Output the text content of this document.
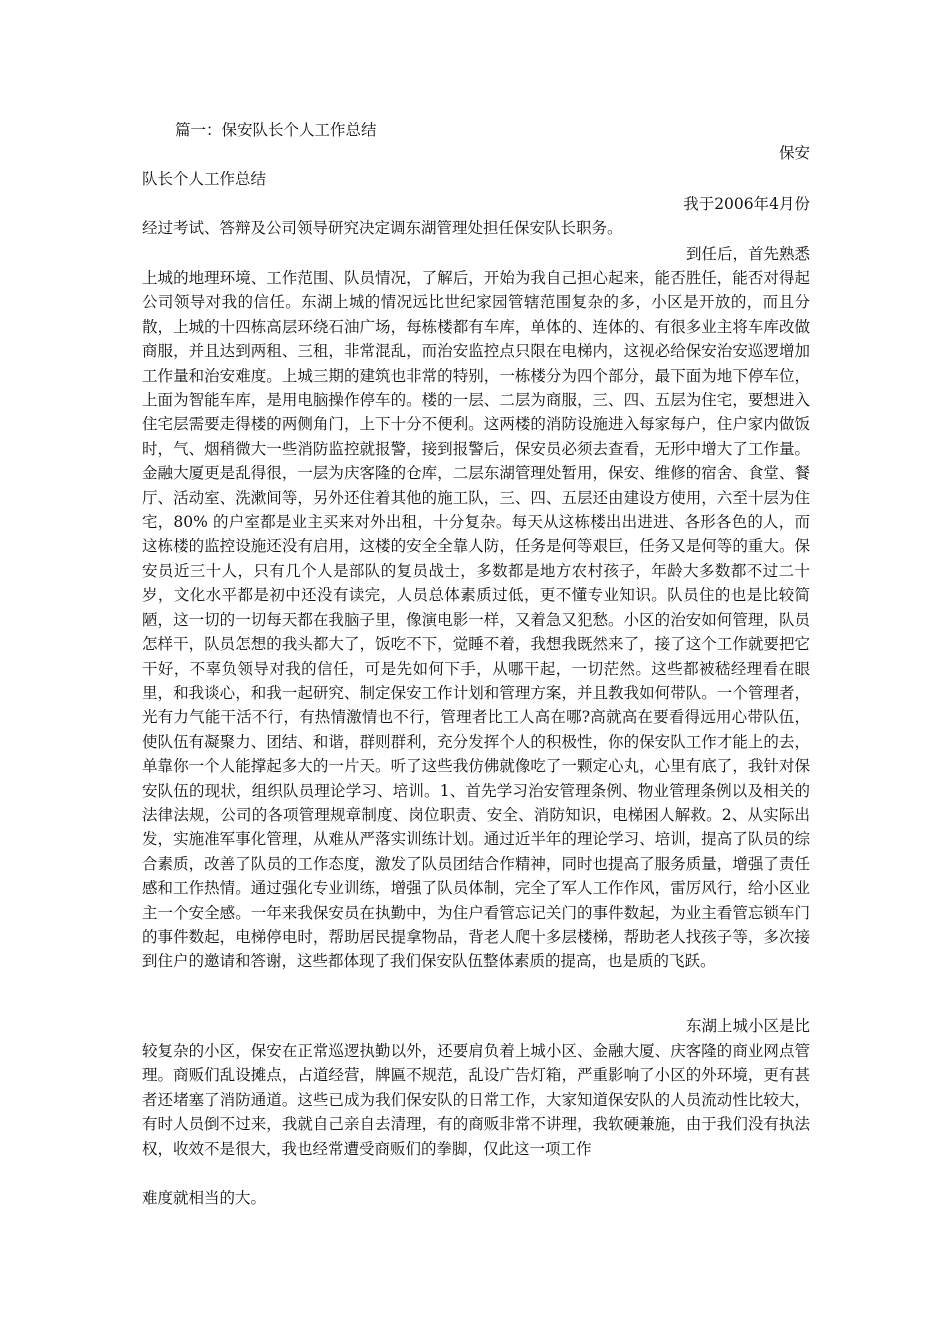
篇一：保安队长个人工作总结
保安
队长个人工作总结
我于2006年4月份
经过考试、答辩及公司领导研究决定调东湖管理处担任保安队长职务。
到任后，首先熟悉
上城的地理环境、工作范围、队员情况，了解后，开始为我自己担心起来，能否胜任，能否对得起公司领导对我的信任。东湖上城的情况远比世纪家园管辖范围复杂的多，小区是开放的，而且分散，上城的十四栋高层环绕石油广场，每栋楼都有车库，单体的、连体的、有很多业主将车库改做商服，并且达到两租、三租，非常混乱，而治安监控点只限在电梯内，这视必给保安治安巡逻增加工作量和治安难度。上城三期的建筑也非常的特别，一栋楼分为四个部分，最下面为地下停车位，上面为智能车库，是用电脑操作停车的。楼的一层、二层为商服，三、四、五层为住宅，要想进入住宅层需要走得楼的两侧角门，上下十分不便利。这两楼的消防设施进入每家每户，住户家内做饭时，气、烟稍微大一些消防监控就报警，接到报警后，保安员必须去查看，无形中增大了工作量。金融大厦更是乱得很，一层为庆客隆的仓库，二层东湖管理处暂用，保安、维修的宿舍、食堂、餐厅、活动室、洗漱间等，另外还住着其他的施工队，三、四、五层还由建设方使用，六至十层为住宅，80% 的户室都是业主买来对外出租，十分复杂。每天从这栋楼出出进进、各形各色的人，而这栋楼的监控设施还没有启用，这楼的安全全靠人防，任务是何等艰巨，任务又是何等的重大。保安员近三十人，只有几个人是部队的复员战士，多数都是地方农村孩子，年龄大多数都不过二十岁，文化水平都是初中还没有读完，人员总体素质过低，更不懂专业知识。队员住的也是比较简陋，这一切的一切每天都在我脑子里，像演电影一样，又着急又犯愁。小区的治安如何管理，队员怎样干，队员怎想的我头都大了，饭吃不下，觉睡不着，我想我既然来了，接了这个工作就要把它干好，不辜负领导对我的信任，可是先如何下手，从哪干起，一切茫然。这些都被嵇经理看在眼里，和我谈心，和我一起研究、制定保安工作计划和管理方案，并且教我如何带队。一个管理者，光有力气能干活不行，有热情激情也不行，管理者比工人高在哪?高就高在要看得远用心带队伍，使队伍有凝聚力、团结、和谐，群则群利，充分发挥个人的积极性，你的保安队工作才能上的去，单靠你一个人能撑起多大的一片天。听了这些我仿佛就像吃了一颗定心丸，心里有底了，我针对保安队伍的现状，组织队员理论学习、培训。1、首先学习治安管理条例、物业管理条例以及相关的法律法规，公司的各项管理规章制度、岗位职责、安全、消防知识，电梯困人解救。2、从实际出发，实施准军事化管理，从难从严落实训练计划。通过近半年的理论学习、培训，提高了队员的综合素质，改善了队员的工作态度，激发了队员团结合作精神，同时也提高了服务质量，增强了责任感和工作热情。通过强化专业训练，增强了队员体制，完全了军人工作作风，雷厉风行，给小区业主一个安全感。一年来我保安员在执勤中，为住户看管忘记关门的事件数起，为业主看管忘锁车门的事件数起，电梯停电时，帮助居民提拿物品，背老人爬十多层楼梯，帮助老人找孩子等，多次接到住户的邀请和答谢，这些都体现了我们保安队伍整体素质的提高，也是质的飞跃。
东湖上城小区是比
较复杂的小区，保安在正常巡逻执勤以外，还要肩负着上城小区、金融大厦、庆客隆的商业网点管理。商贩们乱设摊点，占道经营，牌匾不规范，乱设广告灯箱，严重影响了小区的外环境，更有甚者还堵塞了消防通道。这些已成为我们保安队的日常工作，大家知道保安队的人员流动性比较大，有时人员倒不过来，我就自己亲自去清理，有的商贩非常不讲理，我软硬兼施，由于我们没有执法权，收效不是很大，我也经常遭受商贩们的拳脚，仅此这一项工作
难度就相当的大。
